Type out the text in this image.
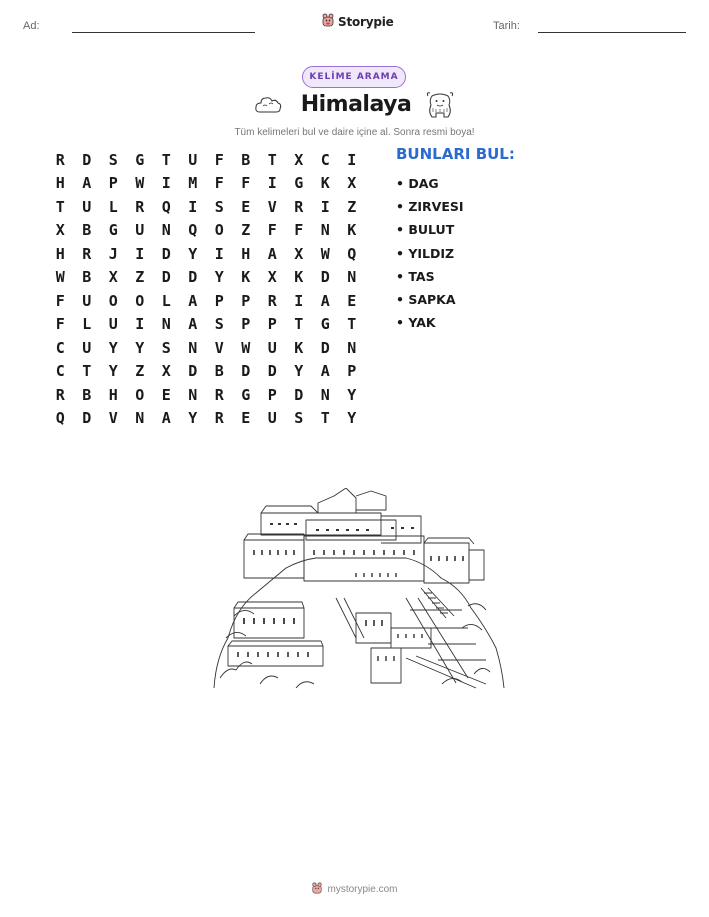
Ad:	Storypie	Tarih:
KELİME ARAMA
Himalaya
Tüm kelimeleri bul ve daire içine al. Sonra resmi boya!
R	D	S	G	T	U	F	B	T	X	C	I
H	A	P	W	I	M	F	F	I	G	K	X
T	U	L	R	Q	I	S	E	V	R	I	Z
X	B	G	U	N	Q	O	Z	F	F	N	K
H	R	J	I	D	Y	I	H	A	X	W	Q
W	B	X	Z	D	D	Y	K	X	K	D	N
F	U	O	O	L	A	P	P	R	I	A	E
F	L	U	I	N	A	S	P	P	T	G	T
C	U	Y	Y	S	N	V	W	U	K	D	N
C	T	Y	Z	X	D	B	D	D	Y	A	P
R	B	H	O	E	N	R	G	P	D	N	Y
Q	D	V	N	A	Y	R	E	U	S	T	Y
BUNLARI BUL:
• DAG
• ZIRVESI
• BULUT
• YILDIZ
• TAS
• SAPKA
• YAK
mystorypie.com
